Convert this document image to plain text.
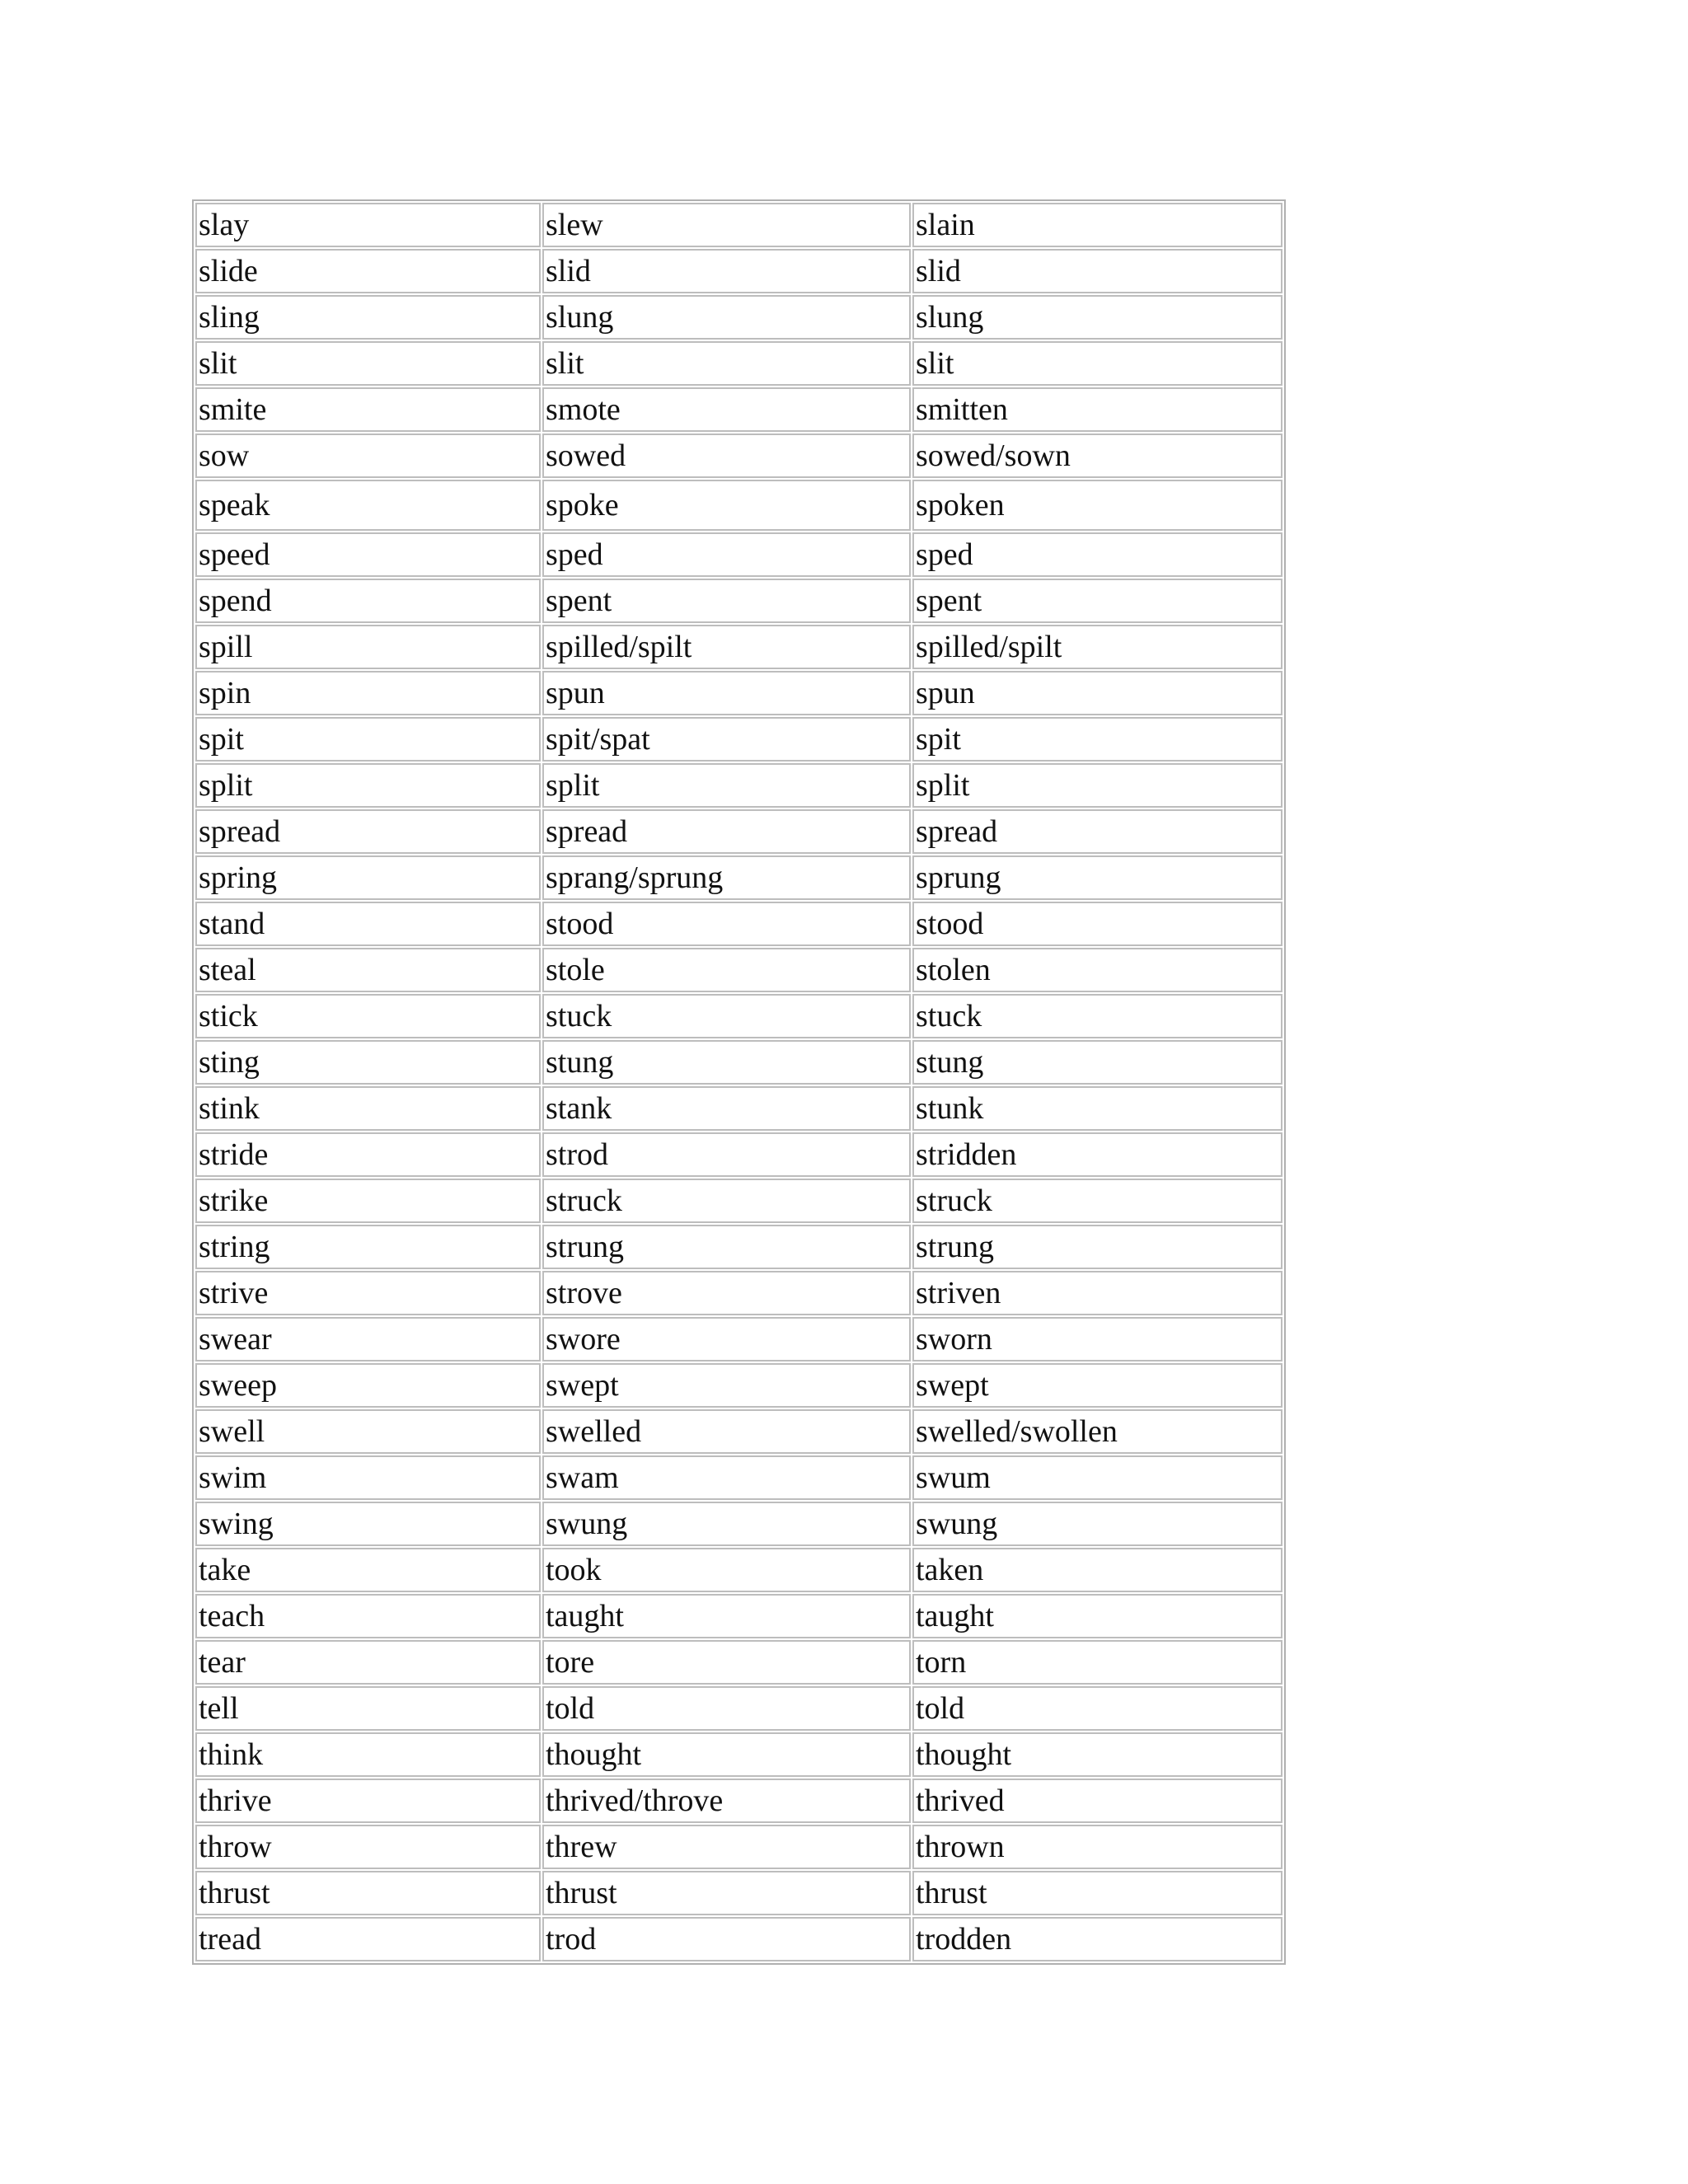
slay	slew	slain
slide	slid	slid
sling	slung	slung
slit	slit	slit
smite	smote	smitten
sow	sowed	sowed/sown
speak	spoke	spoken
speed	sped	sped
spend	spent	spent
spill	spilled/spilt	spilled/spilt
spin	spun	spun
spit	spit/spat	spit
split	split	split
spread	spread	spread
spring	sprang/sprung	sprung
stand	stood	stood
steal	stole	stolen
stick	stuck	stuck
sting	stung	stung
stink	stank	stunk
stride	strod	stridden
strike	struck	struck
string	strung	strung
strive	strove	striven
swear	swore	sworn
sweep	swept	swept
swell	swelled	swelled/swollen
swim	swam	swum
swing	swung	swung
take	took	taken
teach	taught	taught
tear	tore	torn
tell	told	told
think	thought	thought
thrive	thrived/throve	thrived
throw	threw	thrown
thrust	thrust	thrust
tread	trod	trodden
